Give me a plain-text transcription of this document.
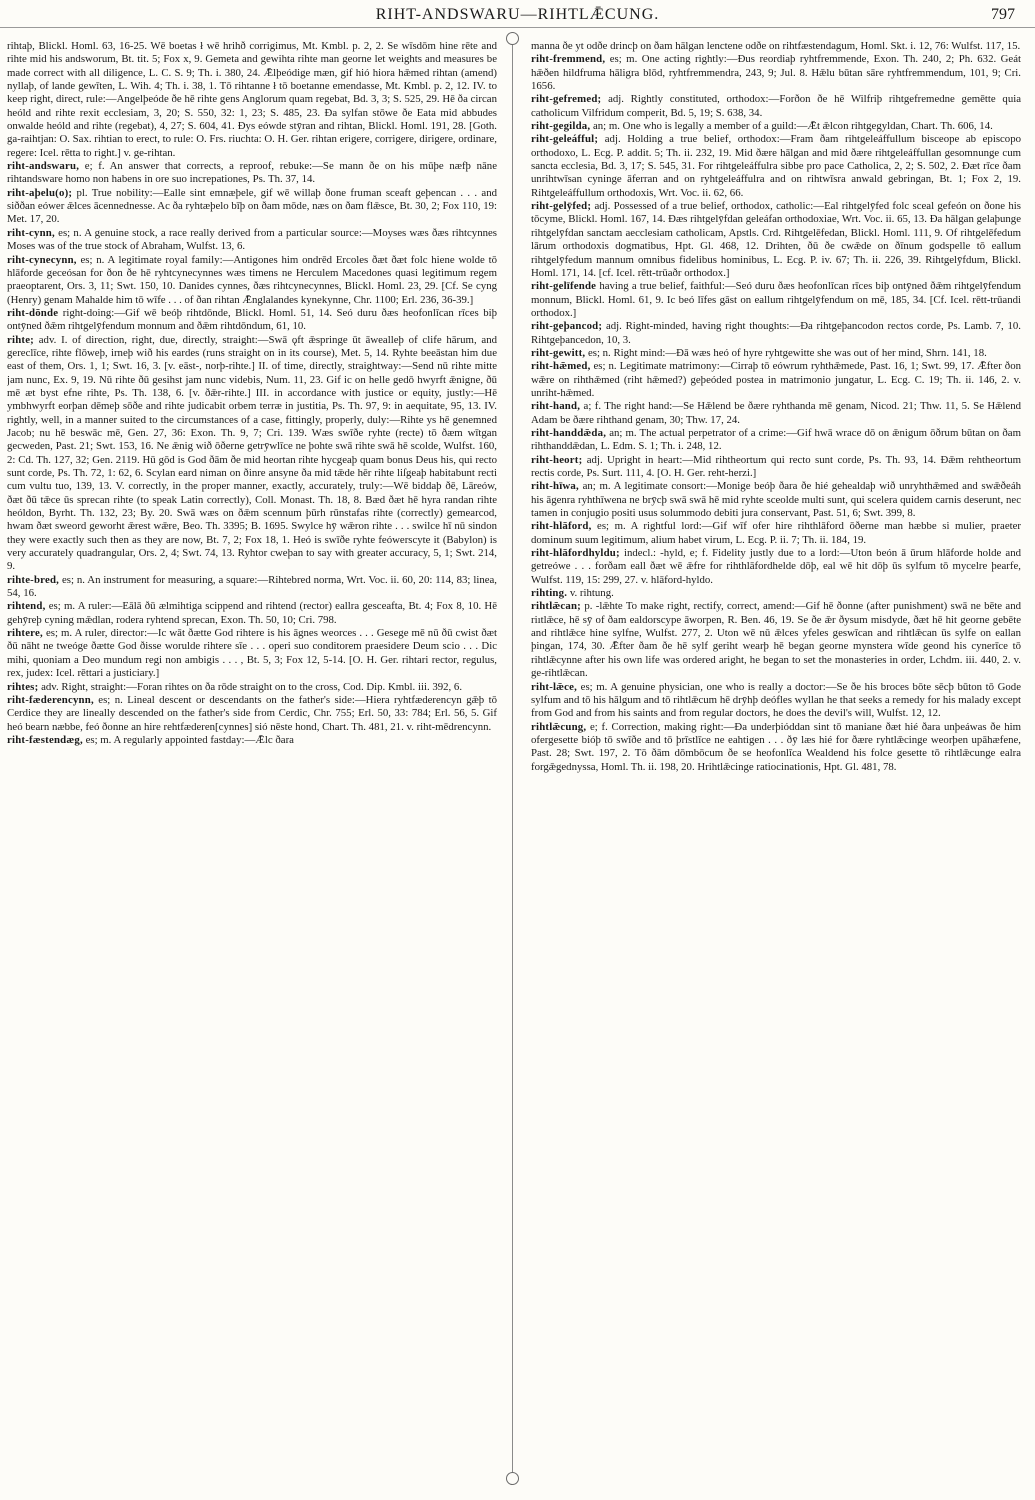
RIHT-ANDSWARU—RIHTLǢCUNG.	797

rihtaþ, Blickl. Homl. 63, 16-25. Wē boetas ł wē hrihð corrigimus, Mt. Kmbl. p. 2, 2. Se wīsdōm hine rēte and rihte mid his andsworum, Bt. tit. 5; Fox x, 9. Gemeta and gewihta rihte man georne let weights and measures be made correct with all diligence, L. C. S. 9; Th. i. 380, 24. Ǣlþeódige mæn, gif hió hiora hǣmed rihtan (amend) nyllaþ, of lande gewīten, L. Wih. 4; Th. i. 38, 1. Tō rihtanne ł tō boetanne emendasse, Mt. Kmbl. p. 2, 12. IV. to keep right, direct, rule:—Angelþeóde ðe hē rihte gens Anglorum quam regebat, Bd. 3, 3; S. 525, 29. Hē ða circan heóld and rihte rexit ecclesiam, 3, 20; S. 550, 32: 1, 23; S. 485, 23. Ða sylfan stōwe ðe Eata mid abbudes onwalde heóld and rihte (regebat), 4, 27; S. 604, 41. Ðys eówde stȳran and rihtan, Blickl. Homl. 191, 28. [Goth. ga-raihtjan: O. Sax. rihtian to erect, to rule: O. Frs. riuchta: O. H. Ger. rihtan erigere, corrigere, dirigere, ordinare, regere: Icel. rētta to right.] v. ge-rihtan.

riht-andswaru, e; f. An answer that corrects, a reproof, rebuke:—Se mann ðe on his mūþe næfþ nāne rihtandsware homo non habens in ore suo increpationes, Ps. Th. 37, 14.

riht-aþelu(o); pl. True nobility:—Ealle sint emnæþele, gif wē willaþ ðone fruman sceaft geþencan . . . and siððan eówer ǣlces ācennednesse. Ac ða ryhtæþelo bīþ on ðam mōde, næs on ðam flǣsce, Bt. 30, 2; Fox 110, 19: Met. 17, 20.

riht-cynn, es; n. A genuine stock, a race really derived from a particular source:—Moyses wæs ðæs rihtcynnes Moses was of the true stock of Abraham, Wulfst. 13, 6.

riht-cynecynn, es; n. A legitimate royal family:—Antigones him ondrēd Ercoles ðæt ðæt folc hiene wolde tō hlāforde geceósan for ðon ðe hē ryhtcynecynnes wæs timens ne Herculem Macedones quasi legitimum regem praeoptarent, Ors. 3, 11; Swt. 150, 10. Danides cynnes, ðæs rihtcynecynnes, Blickl. Homl. 23, 29. [Cf. Se cyng (Henry) genam Mahalde him tō wīfe . . . of ðan rihtan Ǣnglalandes kynekynne, Chr. 1100; Erl. 236, 36-39.]

riht-dōnde right-doing:—Gif wē beóþ rihtdōnde, Blickl. Homl. 51, 14. Seó duru ðæs heofonlīcan rīces biþ ontȳned ðǣm rihtgelȳfendum monnum and ðǣm rihtdōndum, 61, 10.

rihte; adv. I. of direction, right, due, directly, straight:—Swā ǫft ǣspringe ūt āwealleþ of clife hārum, and gereclīce, rihte flōweþ, irneþ wið his eardes (runs straight on in its course), Met. 5, 14. Ryhte beeāstan him due east of them, Ors. 1, 1; Swt. 16, 3. [v. eāst-, norþ-rihte.] II. of time, directly, straightway:—Send nū rihte mitte jam nunc, Ex. 9, 19. Nū rihte ðū gesihst jam nunc videbis, Num. 11, 23. Gif ic on helle gedō hwyrft ǣnigne, ðū mē æt byst efne rihte, Ps. Th. 138, 6. [v. ðǣr-rihte.] III. in accordance with justice or equity, justly:—Hē ymbhwyrft eorþan dēmeþ sōðe and rihte judicabit orbem terræ in justitia, Ps. Th. 97, 9: in aequitate, 95, 13. IV. rightly, well, in a manner suited to the circumstances of a case, fittingly, properly, duly:—Rihte ys hē genemned Jacob; nu hē beswāc mē, Gen. 27, 36: Exon. Th. 9, 7; Cri. 139. Wæs swīðe ryhte (recte) tō ðæm wītgan gecweden, Past. 21; Swt. 153, 16. Ne ǣnig wið ōðerne getrȳwlīce ne þohte swā rihte swā hē scolde, Wulfst. 160, 2: Cd. Th. 127, 32; Gen. 2119. Hū gōd is God ðām ðe mid heortan rihte hycgeaþ quam bonus Deus his, qui recto sunt corde, Ps. Th. 72, 1: 62, 6. Scylan eard niman on ðinre ansyne ða mid tǣde hēr rihte liſgeaþ habitabunt recti cum vultu tuo, 139, 13. V. correctly, in the proper manner, exactly, accurately, truly:—Wē biddaþ ðē, Lāreów, ðæt ðū tǣce ūs sprecan rihte (to speak Latin correctly), Coll. Monast. Th. 18, 8. Bæd ðæt hē hyra randan rihte heóldon, Byrht. Th. 132, 23; By. 20. Swā wæs on ðǣm scennum þūrh rūnstafas rihte (correctly) gemearcod, hwam ðæt sweord geworht ǣrest wǣre, Beo. Th. 3395; B. 1695. Swylce hȳ wǣron rihte . . . swilce hī nū sindon they were exactly such then as they are now, Bt. 7, 2; Fox 18, 1. Heó is swīðe ryhte feówerscyte it (Babylon) is very accurately quadrangular, Ors. 2, 4; Swt. 74, 13. Ryhtor cweþan to say with greater accuracy, 5, 1; Swt. 214, 9.

rihte-bred, es; n. An instrument for measuring, a square:—Rihtebred norma, Wrt. Voc. ii. 60, 20: 114, 83; linea, 54, 16.

rihtend, es; m. A ruler:—Eālā ðū ælmihtiga scippend and rihtend (rector) eallra gesceafta, Bt. 4; Fox 8, 10. Hē gehȳreþ cyning mǣdlan, rodera ryhtend sprecan, Exon. Th. 50, 10; Cri. 798.

rihtere, es; m. A ruler, director:—Ic wāt ðætte God rihtere is his āgnes weorces . . . Gesege mē nū ðū cwist ðæt ðū nāht ne tweóge ðætte God ðisse worulde rihtere sīe . . . operi suo conditorem praesidere Deum scio . . . Dic mihi, quoniam a Deo mundum regi non ambigis . . . , Bt. 5, 3; Fox 12, 5-14. [O. H. Ger. rihtari rector, regulus, rex, judex: Icel. rēttari a justiciary.]

rihtes; adv. Right, straight:—Foran rihtes on ða rōde straight on to the cross, Cod. Dip. Kmbl. iii. 392, 6.

riht-fæderencynn, es; n. Lineal descent or descendants on the father's side:—Hiera ryhtfæderencyn gǣþ tō Cerdice they are lineally descended on the father's side from Cerdic, Chr. 755; Erl. 50, 33: 784; Erl. 56, 5. Gif heó bearn næbbe, feó ðonne an hire rehtfæderen[cynnes] sió nēste hond, Chart. Th. 481, 21. v. riht-mēdrencynn.

riht-fæstendæg, es; m. A regularly appointed fastday:—Ǣlc ðara

manna ðe yt odðe drincþ on ðam hālgan lenctene odðe on rihtfæstendagum, Homl. Skt. i. 12, 76: Wulfst. 117, 15.

riht-fremmend, es; m. One acting rightly:—Ðus reordiaþ ryhtfremmende, Exon. Th. 240, 2; Ph. 632. Geát hǣðen hildfruma hāligra blōd, ryhtfremmendra, 243, 9; Jul. 8. Hǣlu būtan sāre ryhtfremmendum, 101, 9; Cri. 1656.

riht-gefremed; adj. Rightly constituted, orthodox:—Forðon ðe hē Wilfriþ rihtgefremedne gemētte quia catholicum Vilfridum comperit, Bd. 5, 19; S. 638, 34.

riht-gegilda, an; m. One who is legally a member of a guild:—Ǣt ǣlcon rihtgegyldan, Chart. Th. 606, 14.

riht-geleáfful; adj. Holding a true belief, orthodox:—Fram ðam rihtgeleáffullum bisceope ab episcopo orthodoxo, L. Ecg. P. addit. 5; Th. ii. 232, 19. Mid ðære hālgan and mid ðære rihtgeleáffullan gesomnunge cum sancta ecclesia, Bd. 3, 17; S. 545, 31. For rihtgeleáffulra sibbe pro pace Catholica, 2, 2; S. 502, 2. Ðæt rīce ðam unrihtwīsan cyninge āferran and on ryhtgeleáffulra and on rihtwīsra anwald gebringan, Bt. 1; Fox 2, 19. Rihtgeleáffullum orthodoxis, Wrt. Voc. ii. 62, 66.

riht-gelȳfed; adj. Possessed of a true belief, orthodox, catholic:—Eal rihtgelȳfed folc sceal gefeón on ðone his tōcyme, Blickl. Homl. 167, 14. Ðæs rihtgelȳfdan geleáfan orthodoxiae, Wrt. Voc. ii. 65, 13. Ða hālgan gelaþunge rihtgelȳfdan sanctam aecclesiam catholicam, Apstls. Crd. Rihtgelēfedan, Blickl. Homl. 111, 9. Of rihtgelēfedum lārum orthodoxis dogmatibus, Hpt. Gl. 468, 12. Drihten, ðū ðe cwǣde on ðīnum godspelle tō eallum rihtgelȳfedum mannum omnibus fidelibus hominibus, L. Ecg. P. iv. 67; Th. ii. 226, 39. Rihtgelȳfdum, Blickl. Homl. 171, 14. [cf. Icel. rētt-trūaðr orthodox.]

riht-gelīfende having a true belief, faithful:—Seó duru ðæs heofonlīcan rīces biþ ontȳned ðǣm rihtgelȳfendum monnum, Blickl. Homl. 61, 9. Ic beó līfes gāst on eallum rihtgelȳfendum on mē, 185, 34. [Cf. Icel. rētt-trūandi orthodox.]

riht-geþancod; adj. Right-minded, having right thoughts:—Ða rihtgeþancodon rectos corde, Ps. Lamb. 7, 10. Rihtgeþancedon, 10, 3.

riht-gewitt, es; n. Right mind:—Ðā wæs heó of hyre ryhtgewitte she was out of her mind, Shrn. 141, 18.

riht-hǣmed, es; n. Legitimate matrimony:—Cirraþ tō eówrum ryhthǣmede, Past. 16, 1; Swt. 99, 17. Ǣfter ðon wǣre on rihthǣmed (riht hǣmed?) geþeóded postea in matrimonio jungatur, L. Ecg. C. 19; Th. ii. 146, 2. v. unriht-hǣmed.

riht-hand, a; f. The right hand:—Se Hǣlend be ðære ryhthanda mē genam, Nicod. 21; Thw. 11, 5. Se Hǣlend Adam be ðære rihthand genam, 30; Thw. 17, 24.

riht-handdǣda, an; m. The actual perpetrator of a crime:—Gif hwā wrace dō on ǣnigum ōðrum būtan on ðam rihthanddǣdan, L. Edm. S. 1; Th. i. 248, 12.

riht-heort; adj. Upright in heart:—Mid rihtheortum qui recto sunt corde, Ps. Th. 93, 14. Ðǣm rehtheortum rectis corde, Ps. Surt. 111, 4. [O. H. Ger. reht-herzi.]

riht-hīwa, an; m. A legitimate consort:—Monige beóþ ðara ðe hié gehealdaþ wið unryhthǣmed and swǣðeáh his āgenra ryhthīwena ne brȳcþ swā swā hē mid ryhte sceolde multi sunt, qui scelera quidem carnis deserunt, nec tamen in conjugio positi usus solummodo debiti jura conservant, Past. 51, 6; Swt. 399, 8.

riht-hlāford, es; m. A rightful lord:—Gif wīf ofer hire rihthlāford ōðerne man hæbbe si mulier, praeter dominum suum legitimum, alium habet virum, L. Ecg. P. ii. 7; Th. ii. 184, 19.

riht-hlāfordhyldu; indecl.: -hyld, e; f. Fidelity justly due to a lord:—Uton beón ā ūrum hlāforde holde and getreówe . . . forðam eall ðæt wē ǣfre for rihthlāfordhelde dōþ, eal wē hit dōþ ūs sylfum tō mycelre þearfe, Wulfst. 119, 15: 299, 27. v. hlāford-hyldo.

rihting. v. rihtung.

rihtlǣcan; p. -lǣhte To make right, rectify, correct, amend:—Gif hē ðonne (after punishment) swā ne bēte and riıtlǣce, hē sȳ of ðam ealdorscype āworpen, R. Ben. 46, 19. Se ðe ǣr ðysum misdyde, ðæt hē hit georne gebēte and rihtlǣce hine sylfne, Wulfst. 277, 2. Uton wē nū ǣlces yfeles geswīcan and rihtlǣcan ūs sylfe on eallan þingan, 174, 30. Ǣfter ðam ðe hē sylf geriht wearþ hē began georne mynstera wīde geond his cynerīce tō rihtlǣcynne after his own life was ordered aright, he began to set the monasteries in order, Lchdm. iii. 440, 2. v. ge-rihtlǣcan.

riht-lǣce, es; m. A genuine physician, one who is really a doctor:—Se ðe his broces bōte sēcþ būton tō Gode sylfum and tō his hālgum and tō rihtlǣcum hē drȳhþ deófles wyllan he that seeks a remedy for his malady except from God and from his saints and from regular doctors, he does the devil's will, Wulfst. 12, 12.

rihtlǣcung, e; f. Correction, making right:—Ða underþióddan sint tō maniane ðæt hié ðara unþeáwas ðe him ofergesette bióþ tō swīðe and tō þrīstlīce ne eahtigen . . . ðȳ læs hié for ðære ryhtlǣcinge weorþen upāhæfene, Past. 28; Swt. 197, 2. Tō ðām dōmbōcum ðe se heofonlīca Wealdend his folce gesette tō rihtlǣcunge ealra forgǣgednyssa, Homl. Th. ii. 198, 20. Hrihtlǣcinge ratiocinationis, Hpt. Gl. 481, 78.
